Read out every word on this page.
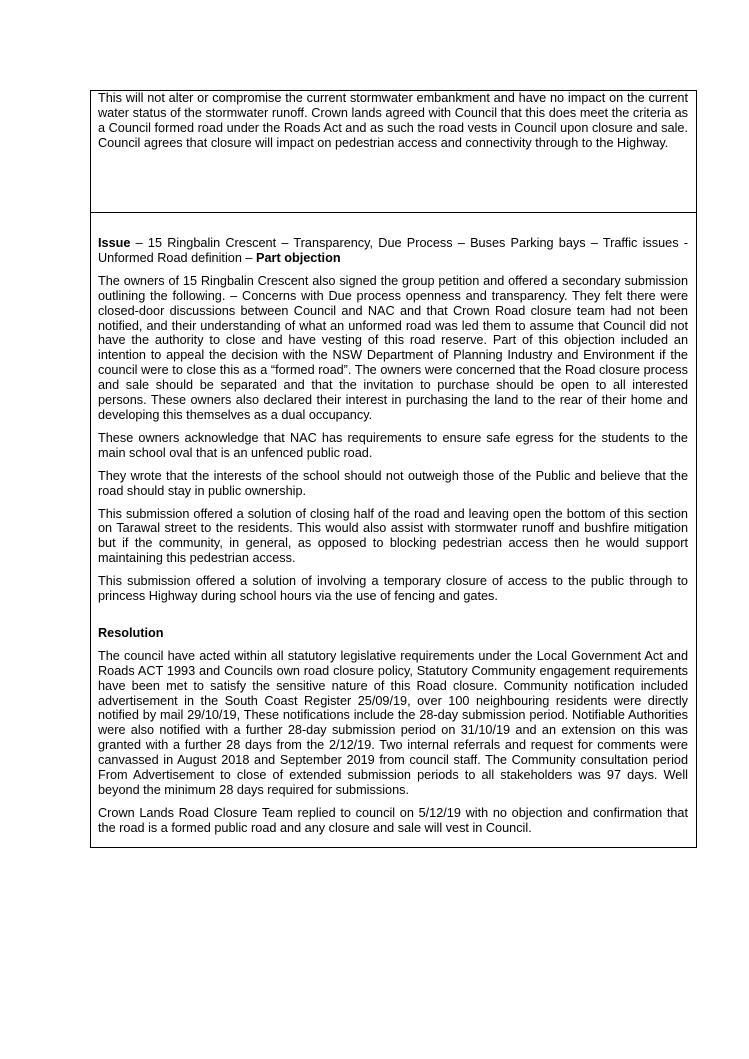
This will not alter or compromise the current stormwater embankment and have no impact on the current water status of the stormwater runoff. Crown lands agreed with Council that this does meet the criteria as a Council formed road under the Roads Act and as such the road vests in Council upon closure and sale. Council agrees that closure will impact on pedestrian access and connectivity through to the Highway.

Issue – 15 Ringbalin Crescent – Transparency, Due Process – Buses Parking bays – Traffic issues - Unformed Road definition – Part objection

The owners of 15 Ringbalin Crescent also signed the group petition and offered a secondary submission outlining the following. – Concerns with Due process openness and transparency. They felt there were closed-door discussions between Council and NAC and that Crown Road closure team had not been notified, and their understanding of what an unformed road was led them to assume that Council did not have the authority to close and have vesting of this road reserve. Part of this objection included an intention to appeal the decision with the NSW Department of Planning Industry and Environment if the council were to close this as a “formed road”. The owners were concerned that the Road closure process and sale should be separated and that the invitation to purchase should be open to all interested persons. These owners also declared their interest in purchasing the land to the rear of their home and developing this themselves as a dual occupancy.

These owners acknowledge that NAC has requirements to ensure safe egress for the students to the main school oval that is an unfenced public road.

They wrote that the interests of the school should not outweigh those of the Public and believe that the road should stay in public ownership.

This submission offered a solution of closing half of the road and leaving open the bottom of this section on Tarawal street to the residents. This would also assist with stormwater runoff and bushfire mitigation but if the community, in general, as opposed to blocking pedestrian access then he would support maintaining this pedestrian access.

This submission offered a solution of involving a temporary closure of access to the public through to princess Highway during school hours via the use of fencing and gates.

Resolution

The council have acted within all statutory legislative requirements under the Local Government Act and Roads ACT 1993 and Councils own road closure policy, Statutory Community engagement requirements have been met to satisfy the sensitive nature of this Road closure. Community notification included advertisement in the South Coast Register 25/09/19, over 100 neighbouring residents were directly notified by mail 29/10/19, These notifications include the 28-day submission period. Notifiable Authorities were also notified with a further 28-day submission period on 31/10/19 and an extension on this was granted with a further 28 days from the 2/12/19. Two internal referrals and request for comments were canvassed in August 2018 and September 2019 from council staff. The Community consultation period From Advertisement to close of extended submission periods to all stakeholders was 97 days. Well beyond the minimum 28 days required for submissions.

Crown Lands Road Closure Team replied to council on 5/12/19 with no objection and confirmation that the road is a formed public road and any closure and sale will vest in Council.
